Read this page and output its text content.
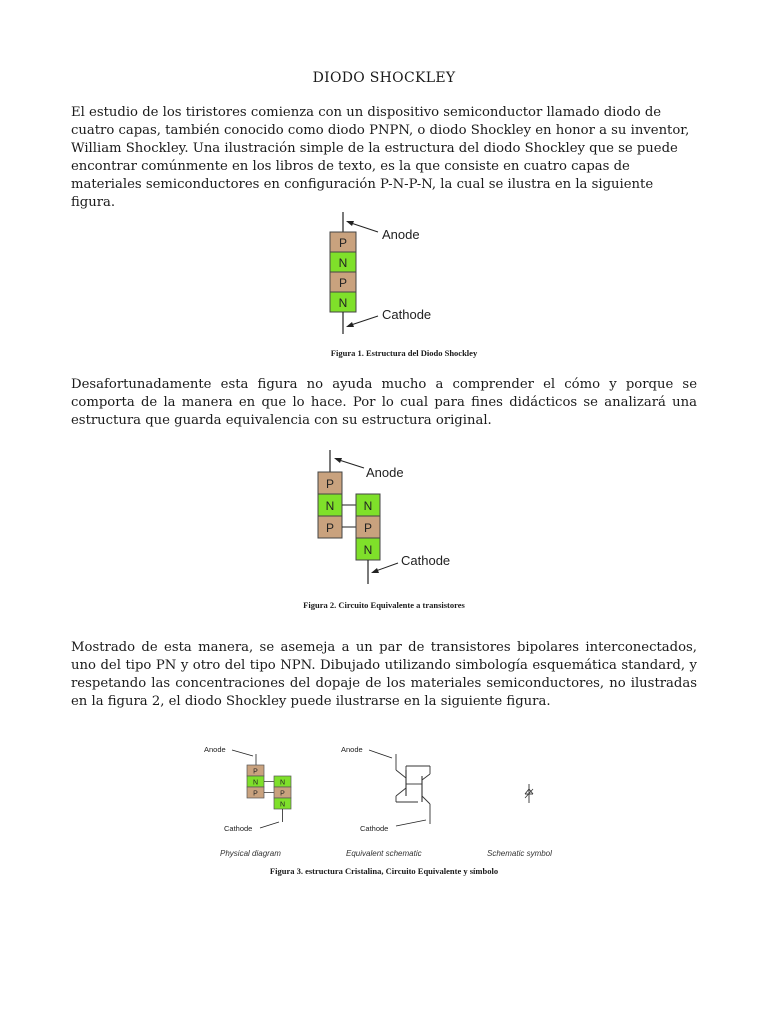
DIODO SHOCKLEY

El estudio de los tiristores comienza con un dispositivo semiconductor llamado diodo de cuatro capas, también conocido como diodo PNPN, o diodo Shockley en honor a su inventor, William Shockley. Una ilustración simple de la estructura del diodo Shockley que se puede encontrar comúnmente en los libros de texto, es la que consiste en cuatro capas de materiales semiconductores en configuración P-N-P-N, la cual se ilustra en la siguiente figura.

P
N
P
N
Anode
Cathode
Figura 1. Estructura del Diodo Shockley

Desafortunadamente esta figura no ayuda mucho a comprender el cómo y porque se comporta de la manera en que lo hace. Por lo cual para fines didácticos se analizará una estructura que guarda equivalencia con su estructura original.

P
N
P
N
P
N
Anode
Cathode
Figura 2. Circuito Equivalente a transistores

Mostrado de esta manera, se asemeja a un par de transistores bipolares interconectados, uno del tipo PN y otro del tipo NPN. Dibujado utilizando simbología esquemática standard, y respetando las concentraciones del dopaje de los materiales semiconductores, no ilustradas en la figura 2, el diodo Shockley puede ilustrarse en la siguiente figura.

Anode
P
N
P
N
P
N
Cathode
Physical diagram
Anode
Cathode
Equivalent schematic	Schematic symbol
Figura 3. estructura Cristalina, Circuito Equivalente y símbolo
